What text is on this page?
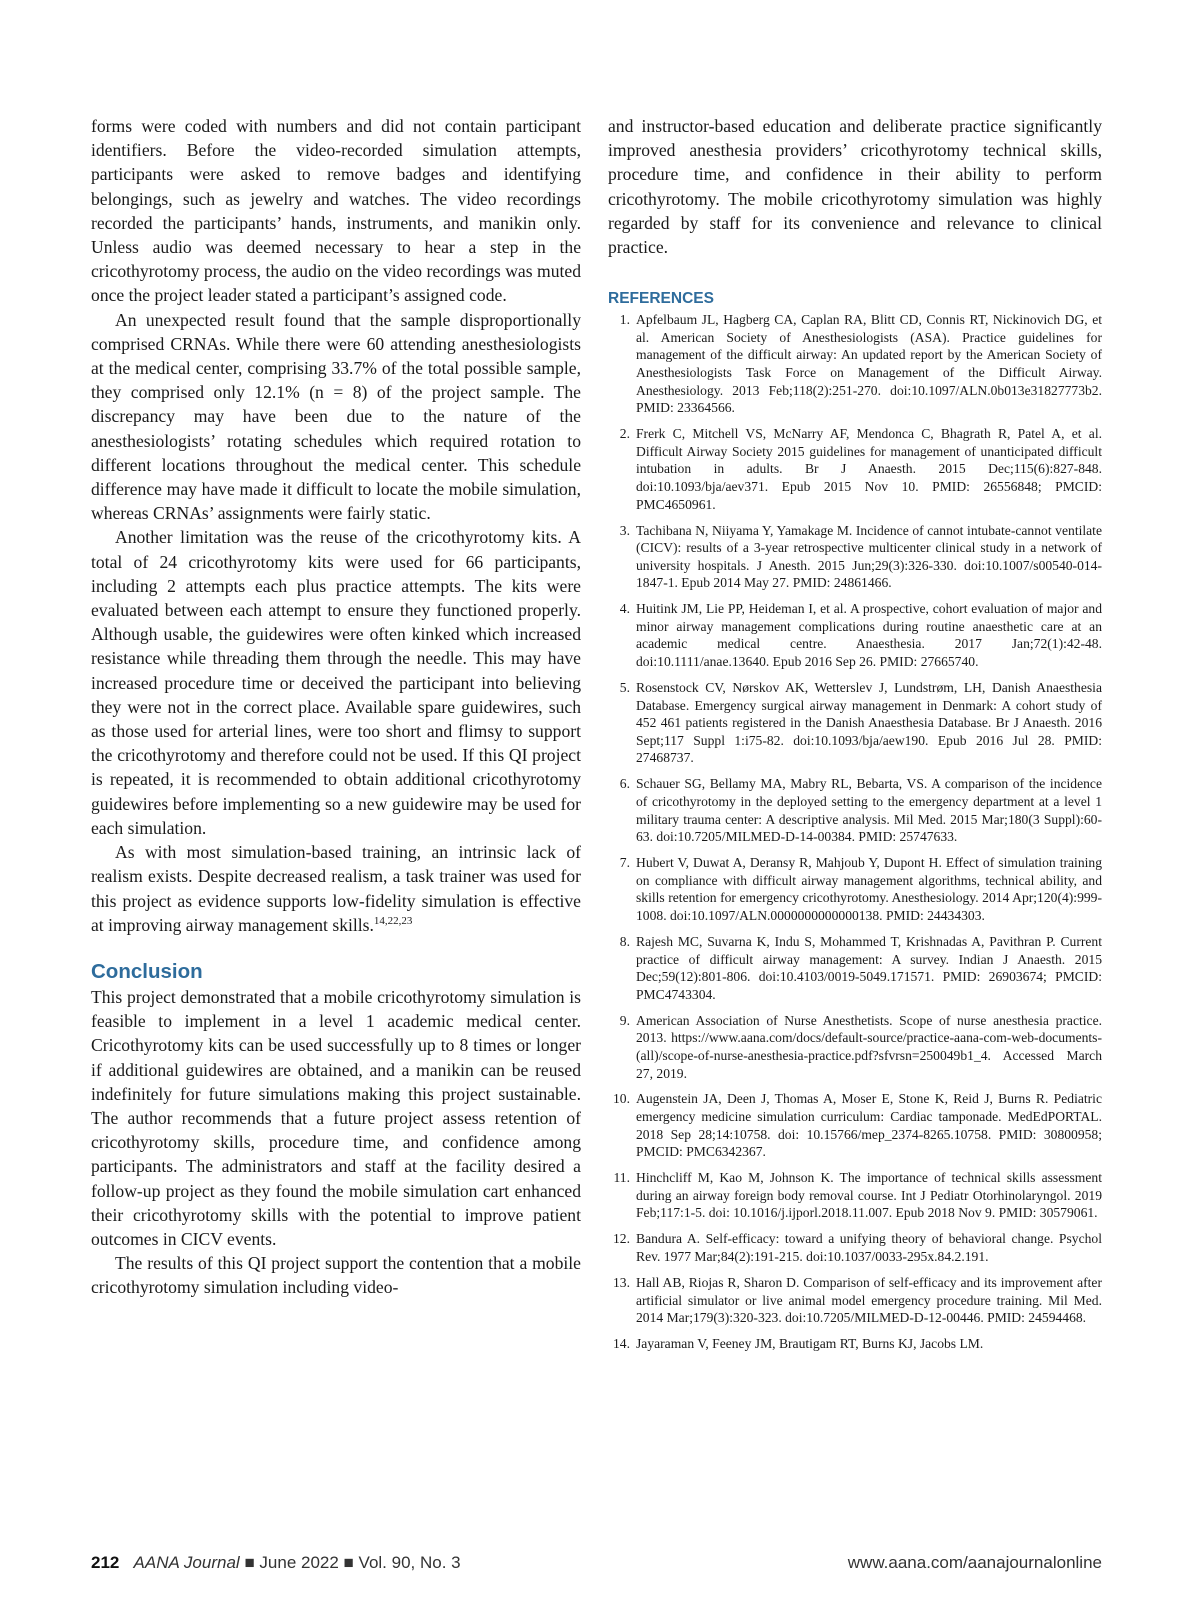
forms were coded with numbers and did not contain participant identifiers. Before the video-recorded simulation attempts, participants were asked to remove badges and identifying belongings, such as jewelry and watches. The video recordings recorded the participants’ hands, instruments, and manikin only. Unless audio was deemed necessary to hear a step in the cricothyrotomy process, the audio on the video recordings was muted once the project leader stated a participant’s assigned code.

An unexpected result found that the sample disproportionally comprised CRNAs. While there were 60 attending anesthesiologists at the medical center, comprising 33.7% of the total possible sample, they comprised only 12.1% (n = 8) of the project sample. The discrepancy may have been due to the nature of the anesthesiologists’ rotating schedules which required rotation to different locations throughout the medical center. This schedule difference may have made it difficult to locate the mobile simulation, whereas CRNAs’ assignments were fairly static.

Another limitation was the reuse of the cricothyrotomy kits. A total of 24 cricothyrotomy kits were used for 66 participants, including 2 attempts each plus practice attempts. The kits were evaluated between each attempt to ensure they functioned properly. Although usable, the guidewires were often kinked which increased resistance while threading them through the needle. This may have increased procedure time or deceived the participant into believing they were not in the correct place. Available spare guidewires, such as those used for arterial lines, were too short and flimsy to support the cricothyrotomy and therefore could not be used. If this QI project is repeated, it is recommended to obtain additional cricothyrotomy guidewires before implementing so a new guidewire may be used for each simulation.

As with most simulation-based training, an intrinsic lack of realism exists. Despite decreased realism, a task trainer was used for this project as evidence supports low-fidelity simulation is effective at improving airway management skills.$^{14,22,23}$

Conclusion

This project demonstrated that a mobile cricothyrotomy simulation is feasible to implement in a level 1 academic medical center. Cricothyrotomy kits can be used successfully up to 8 times or longer if additional guidewires are obtained, and a manikin can be reused indefinitely for future simulations making this project sustainable. The author recommends that a future project assess retention of cricothyrotomy skills, procedure time, and confidence among participants. The administrators and staff at the facility desired a follow-up project as they found the mobile simulation cart enhanced their cricothyrotomy skills with the potential to improve patient outcomes in CICV events.

The results of this QI project support the contention that a mobile cricothyrotomy simulation including video-

and instructor-based education and deliberate practice significantly improved anesthesia providers’ cricothyrotomy technical skills, procedure time, and confidence in their ability to perform cricothyrotomy. The mobile cricothyrotomy simulation was highly regarded by staff for its convenience and relevance to clinical practice.

REFERENCES
1. Apfelbaum JL, Hagberg CA, Caplan RA, Blitt CD, Connis RT, Nickinovich DG, et al. American Society of Anesthesiologists (ASA). Practice guidelines for management of the difficult airway: An updated report by the American Society of Anesthesiologists Task Force on Management of the Difficult Airway. Anesthesiology. 2013 Feb;118(2):251-270. doi:10.1097/ALN.0b013e31827773b2. PMID: 23364566.
2. Frerk C, Mitchell VS, McNarry AF, Mendonca C, Bhagrath R, Patel A, et al. Difficult Airway Society 2015 guidelines for management of unanticipated difficult intubation in adults. Br J Anaesth. 2015 Dec;115(6):827-848. doi:10.1093/bja/aev371. Epub 2015 Nov 10. PMID: 26556848; PMCID: PMC4650961.
3. Tachibana N, Niiyama Y, Yamakage M. Incidence of cannot intubate-cannot ventilate (CICV): results of a 3-year retrospective multicenter clinical study in a network of university hospitals. J Anesth. 2015 Jun;29(3):326-330. doi:10.1007/s00540-014-1847-1. Epub 2014 May 27. PMID: 24861466.
4. Huitink JM, Lie PP, Heideman I, et al. A prospective, cohort evaluation of major and minor airway management complications during routine anaesthetic care at an academic medical centre. Anaesthesia. 2017 Jan;72(1):42-48. doi:10.1111/anae.13640. Epub 2016 Sep 26. PMID: 27665740.
5. Rosenstock CV, Nørskov AK, Wetterslev J, Lundstrøm, LH, Danish Anaesthesia Database. Emergency surgical airway management in Denmark: A cohort study of 452 461 patients registered in the Danish Anaesthesia Database. Br J Anaesth. 2016 Sept;117 Suppl 1:i75-82. doi:10.1093/bja/aew190. Epub 2016 Jul 28. PMID: 27468737.
6. Schauer SG, Bellamy MA, Mabry RL, Bebarta, VS. A comparison of the incidence of cricothyrotomy in the deployed setting to the emergency department at a level 1 military trauma center: A descriptive analysis. Mil Med. 2015 Mar;180(3 Suppl):60-63. doi:10.7205/MILMED-D-14-00384. PMID: 25747633.
7. Hubert V, Duwat A, Deransy R, Mahjoub Y, Dupont H. Effect of simulation training on compliance with difficult airway management algorithms, technical ability, and skills retention for emergency cricothyrotomy. Anesthesiology. 2014 Apr;120(4):999-1008. doi:10.1097/ALN.0000000000000138. PMID: 24434303.
8. Rajesh MC, Suvarna K, Indu S, Mohammed T, Krishnadas A, Pavithran P. Current practice of difficult airway management: A survey. Indian J Anaesth. 2015 Dec;59(12):801-806. doi:10.4103/0019-5049.171571. PMID: 26903674; PMCID: PMC4743304.
9. American Association of Nurse Anesthetists. Scope of nurse anesthesia practice. 2013. https://www.aana.com/docs/default-source/practice-aana-com-web-documents-(all)/scope-of-nurse-anesthesia-practice.pdf?sfvrsn=250049b1_4. Accessed March 27, 2019.
10. Augenstein JA, Deen J, Thomas A, Moser E, Stone K, Reid J, Burns R. Pediatric emergency medicine simulation curriculum: Cardiac tamponade. MedEdPORTAL. 2018 Sep 28;14:10758. doi: 10.15766/mep_2374-8265.10758. PMID: 30800958; PMCID: PMC6342367.
11. Hinchcliff M, Kao M, Johnson K. The importance of technical skills assessment during an airway foreign body removal course. Int J Pediatr Otorhinolaryngol. 2019 Feb;117:1-5. doi: 10.1016/j.ijporl.2018.11.007. Epub 2018 Nov 9. PMID: 30579061.
12. Bandura A. Self-efficacy: toward a unifying theory of behavioral change. Psychol Rev. 1977 Mar;84(2):191-215. doi:10.1037/0033-295x.84.2.191.
13. Hall AB, Riojas R, Sharon D. Comparison of self-efficacy and its improvement after artificial simulator or live animal model emergency procedure training. Mil Med. 2014 Mar;179(3):320-323. doi:10.7205/MILMED-D-12-00446. PMID: 24594468.
14. Jayaraman V, Feeney JM, Brautigam RT, Burns KJ, Jacobs LM.
212 AANA Journal ■ June 2022 ■ Vol. 90, No. 3	www.aana.com/aanajournalonline
